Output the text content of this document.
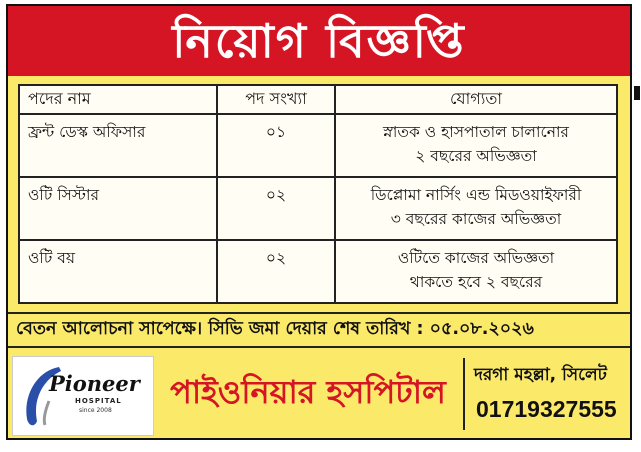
নিয়োগ বিজ্ঞপ্তি
পদের নাম	পদ সংখ্যা	যোগ্যতা
ফ্রন্ট ডেস্ক অফিসার	০১	স্নাতক ও হাসপাতাল চালানোর
২ বছরের অভিজ্ঞতা

ওটি সিস্টার	০২	ডিপ্লোমা নার্সিং এন্ড মিডওয়াইফারী
৩ বছরের কাজের অভিজ্ঞতা

ওটি বয়	০২	ওটিতে কাজের অভিজ্ঞতা
থাকতে হবে ২ বছরের
বেতন আলোচনা সাপেক্ষে। সিভি জমা দেয়ার শেষ তারিখ : ০৫.০৮.২০২৬
Pioneer
HOSPITAL
since 2008	পাইওনিয়ার হসপিটাল	দরগা মহল্লা, সিলেট
01719327555
